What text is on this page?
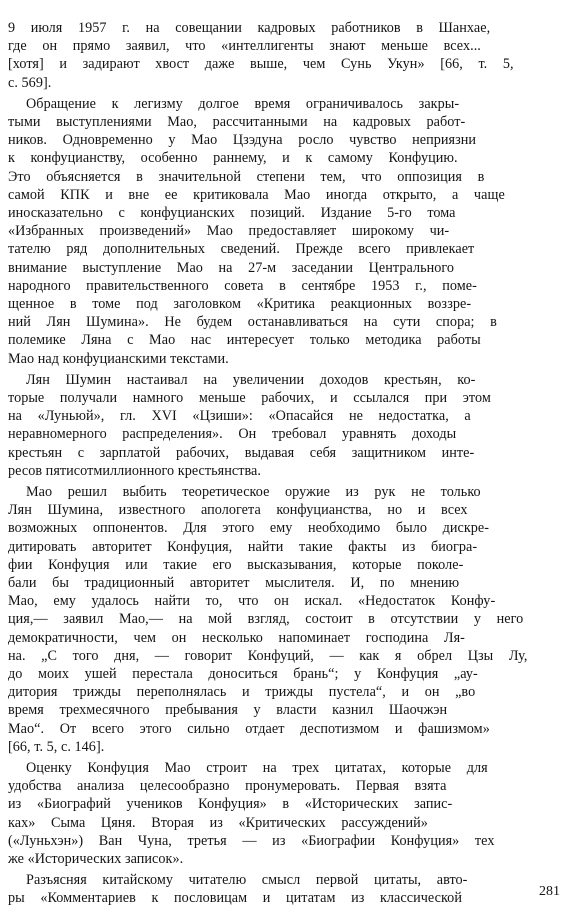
9 июля 1957 г. на совещании кадровых работников в Шанхае,
где он прямо заявил, что «интеллигенты знают меньше всех...
[хотя] и задирают хвост даже выше, чем Сунь Укун» [66, т. 5,
с. 569].
Обращение к легизму долгое время ограничивалось закры-
тыми выступлениями Мао, рассчитанными на кадровых работ-
ников. Одновременно у Мао Цзэдуна росло чувство неприязни
к конфуцианству, особенно раннему, и к самому Конфуцию.
Это объясняется в значительной степени тем, что оппозиция в
самой КПК и вне ее критиковала Мао иногда открыто, а чаще
иносказательно с конфуцианских позиций. Издание 5-го тома
«Избранных произведений» Мао предоставляет широкому чи-
тателю ряд дополнительных сведений. Прежде всего привлекает
внимание выступление Мао на 27-м заседании Центрального
народного правительственного совета в сентябре 1953 г., поме-
щенное в томе под заголовком «Критика реакционных воззре-
ний Лян Шумина». Не будем останавливаться на сути спора; в
полемике Ляна с Мао нас интересует только методика работы
Мао над конфуцианскими текстами.
Лян Шумин настаивал на увеличении доходов крестьян, ко-
торые получали намного меньше рабочих, и ссылался при этом
на «Луньюй», гл. XVI «Цзиши»: «Опасайся не недостатка, а
неравномерного распределения». Он требовал уравнять доходы
крестьян с зарплатой рабочих, выдавая себя защитником инте-
ресов пятисотмиллионного крестьянства.
Мао решил выбить теоретическое оружие из рук не только
Лян Шумина, известного апологета конфуцианства, но и всех
возможных оппонентов. Для этого ему необходимо было дискре-
дитировать авторитет Конфуция, найти такие факты из биогра-
фии Конфуция или такие его высказывания, которые поколе-
бали бы традиционный авторитет мыслителя. И, по мнению
Мао, ему удалось найти то, что он искал. «Недостаток Конфу-
ция,— заявил Мао,— на мой взгляд, состоит в отсутствии у него
демократичности, чем он несколько напоминает господина Ля-
на. „С того дня, — говорит Конфуций, — как я обрел Цзы Лу,
до моих ушей перестала доноситься брань“; у Конфуция „ау-
дитория трижды переполнялась и трижды пустела“, и он „во
время трехмесячного пребывания у власти казнил Шаочжэн
Мао“. От всего этого сильно отдает деспотизмом и фашизмом»
[66, т. 5, с. 146].
Оценку Конфуция Мао строит на трех цитатах, которые для
удобства анализа целесообразно пронумеровать. Первая взята
из «Биографий учеников Конфуция» в «Исторических запис-
ках» Сыма Цяня. Вторая из «Критических рассуждений»
(«Луньхэн») Ван Чуна, третья — из «Биографии Конфуция» тех
же «Исторических записок».
Разъясняя китайскому читателю смысл первой цитаты, авто-
ры «Комментариев к пословицам и цитатам из классической	281
